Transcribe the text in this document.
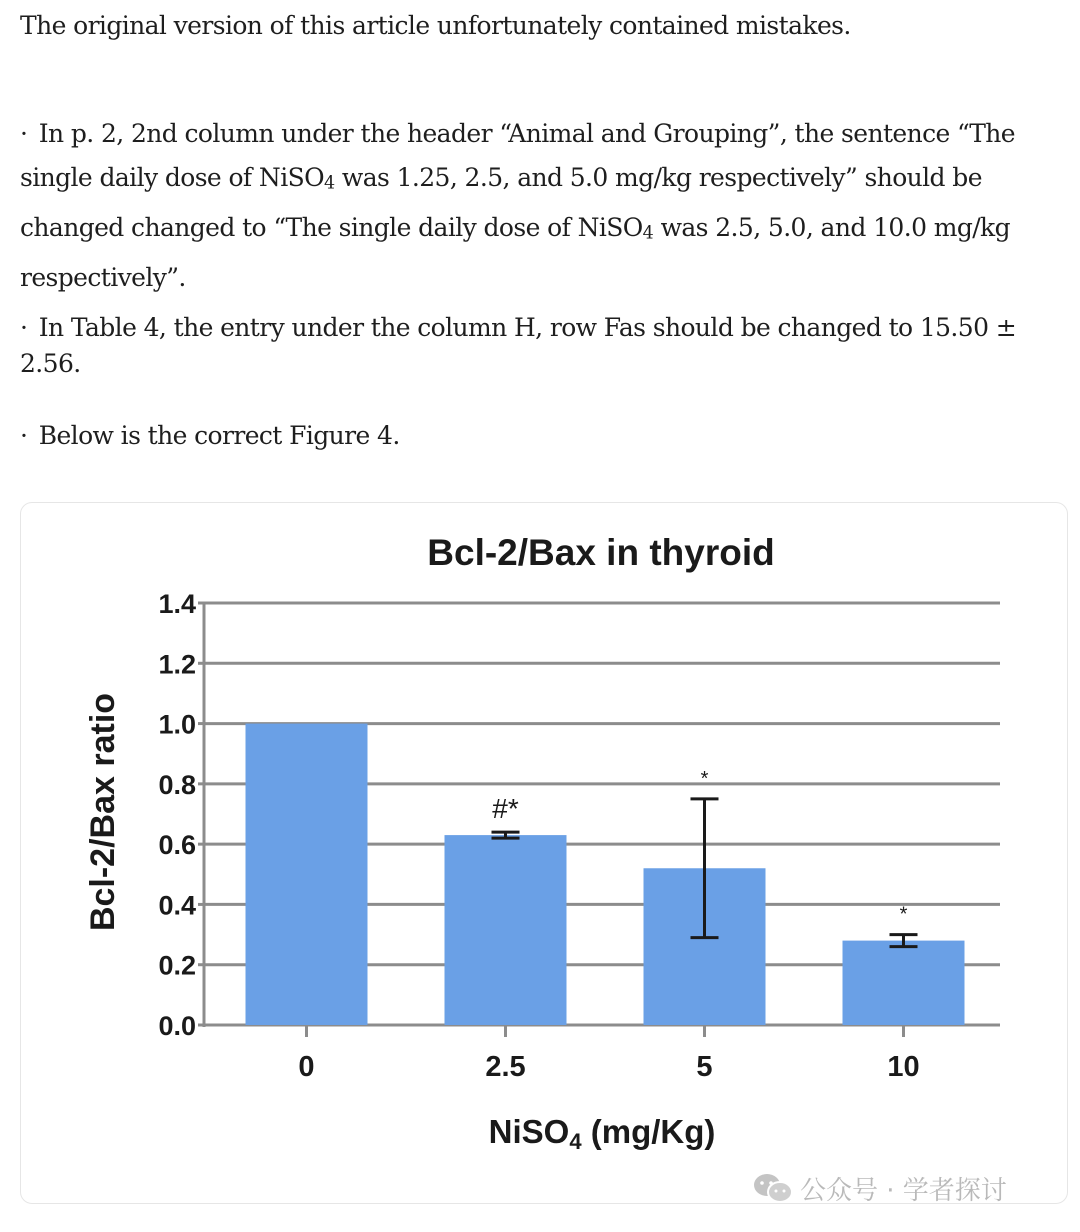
The original version of this article unfortunately contained mistakes.
· In p. 2, 2nd column under the header “Animal and Grouping”, the sentence “The single daily dose of NiSO$_4$ was 1.25, 2.5, and 5.0 mg/kg respectively” should be changed changed to “The single daily dose of NiSO$_4$ was 2.5, 5.0, and 10.0 mg/kg respectively”.
· In Table 4, the entry under the column H, row Fas should be changed to 15.50 ± 2.56.
· Below is the correct Figure 4.
Bcl-2/Bax in thyroid
0.0
0.2
0.4
0.6
0.8
1.0
1.2
1.4
0	2.5
#*
5
*
10
*
Bcl-2/Bax ratio
NiSO4 (mg/Kg)
公众号 · 学者探讨
